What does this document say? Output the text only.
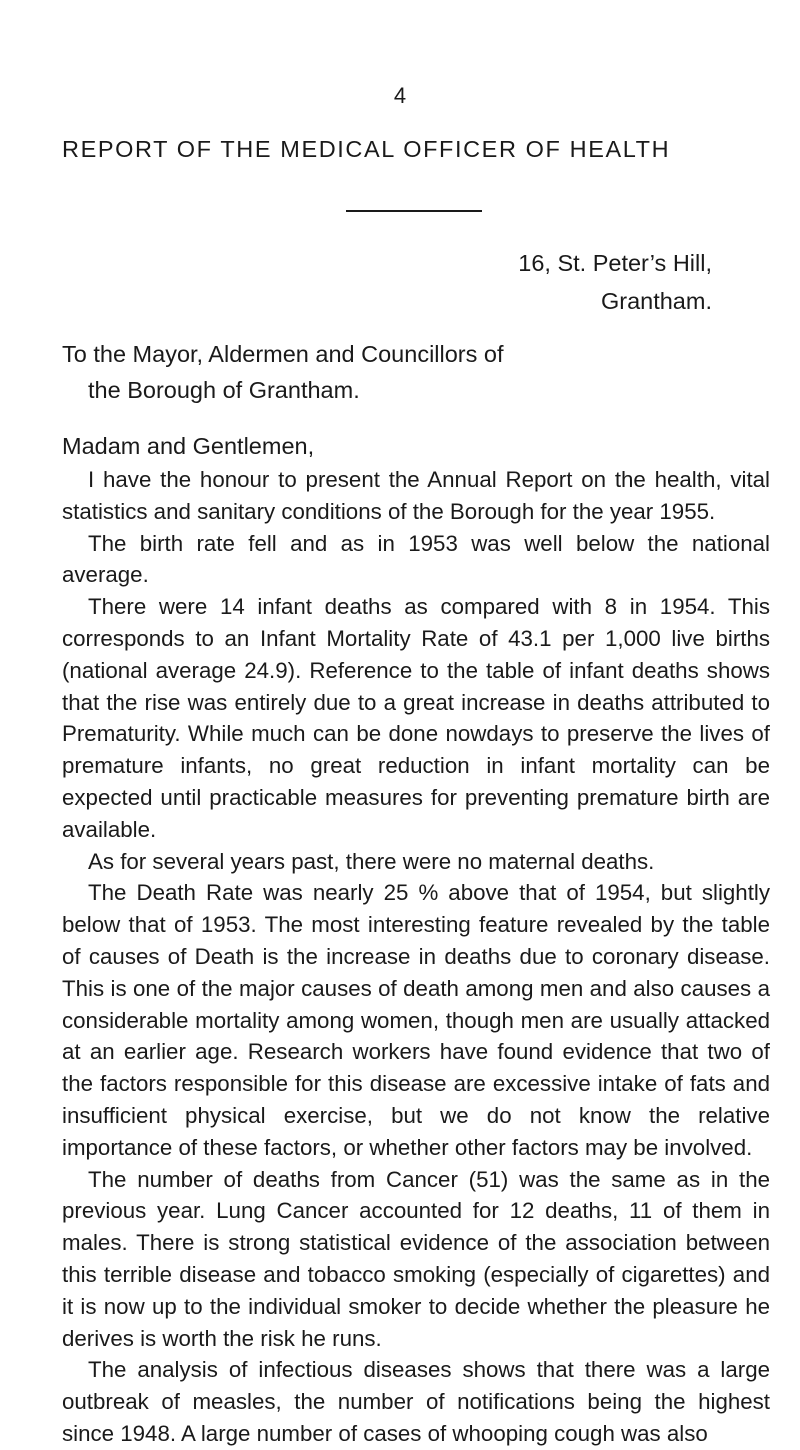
4
REPORT OF THE MEDICAL OFFICER OF HEALTH
16, St. Peter’s Hill,
Grantham.
To the Mayor, Aldermen and Councillors of
the Borough of Grantham.
Madam and Gentlemen,

I have the honour to present the Annual Report on the health, vital statistics and sanitary conditions of the Borough for the year 1955.

The birth rate fell and as in 1953 was well below the national average.

There were 14 infant deaths as compared with 8 in 1954. This corresponds to an Infant Mortality Rate of 43.1 per 1,000 live births (national average 24.9). Reference to the table of infant deaths shows that the rise was entirely due to a great increase in deaths attributed to Prematurity. While much can be done nowdays to preserve the lives of premature infants, no great reduction in infant mortality can be expected until practicable measures for preventing premature birth are available.

As for several years past, there were no maternal deaths.

The Death Rate was nearly 25 % above that of 1954, but slightly below that of 1953. The most interesting feature revealed by the table of causes of Death is the increase in deaths due to coronary disease. This is one of the major causes of death among men and also causes a considerable mortality among women, though men are usually attacked at an earlier age. Research workers have found evidence that two of the factors responsible for this disease are excessive intake of fats and insufficient physical exercise, but we do not know the relative importance of these factors, or whether other factors may be involved.

The number of deaths from Cancer (51) was the same as in the previous year. Lung Cancer accounted for 12 deaths, 11 of them in males. There is strong statistical evidence of the association between this terrible disease and tobacco smoking (especially of cigarettes) and it is now up to the individual smoker to decide whether the pleasure he derives is worth the risk he runs.

The analysis of infectious diseases shows that there was a large outbreak of measles, the number of notifications being the highest since 1948. A large number of cases of whooping cough was also
